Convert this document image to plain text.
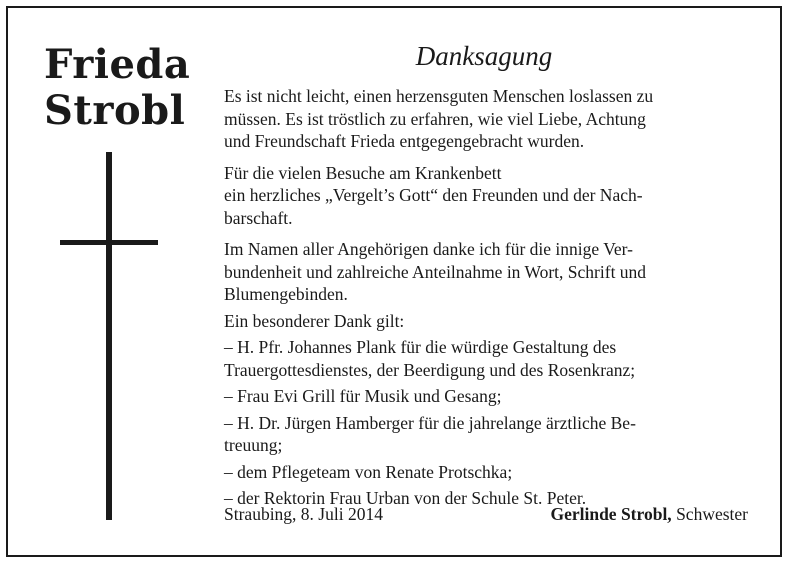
Frieda
Strobl
Danksagung
Es ist nicht leicht, einen herzensguten Menschen loslassen zu
müssen. Es ist tröstlich zu erfahren, wie viel Liebe, Achtung
und Freundschaft Frieda entgegengebracht wurden.
Für die vielen Besuche am Krankenbett
ein herzliches „Vergelt’s Gott“ den Freunden und der Nach-
barschaft.
Im Namen aller Angehörigen danke ich für die innige Ver-
bundenheit und zahlreiche Anteilnahme in Wort, Schrift und
Blumengebinden.
Ein besonderer Dank gilt:
– H. Pfr. Johannes Plank für die würdige Gestaltung des
Trauergottesdienstes, der Beerdigung und des Rosenkranz;
– Frau Evi Grill für Musik und Gesang;
– H. Dr. Jürgen Hamberger für die jahrelange ärztliche Be-
treuung;
– dem Pflegeteam von Renate Protschka;
– der Rektorin Frau Urban von der Schule St. Peter.
Straubing, 8. Juli 2014	Gerlinde Strobl, Schwester
